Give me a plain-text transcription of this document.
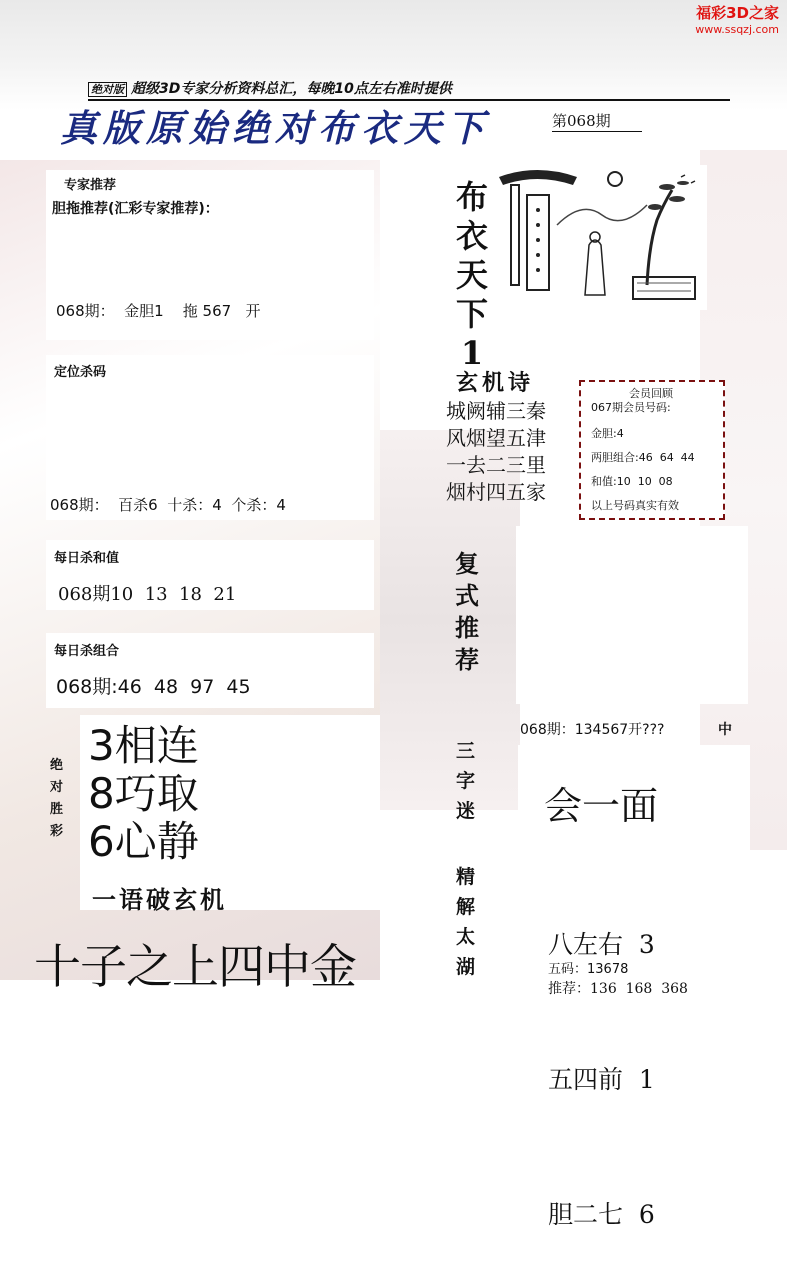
福彩3D之家
www.ssqzj.com
绝对版 超级3D专家分析资料总汇，每晚10点左右准时提供
真版原始绝对布衣天下	第068期
专家推荐
胆拖推荐(汇彩专家推荐)：
068期：  金胆1    拖 567   开
定位杀码
068期：  百杀6  十杀：4  个杀：4
每日杀和值
068期10  13  18  21
每日杀组合
068期:46  48  97  45
绝
对
胜
彩
3相连
8巧取
6心静
一语破玄机
十子之上四中金
布
衣
天
下
1
玄机诗
城阙辅三秦
风烟望五津
一去二三里
烟村四五家
会员回顾
067期会员号码:
金胆:4
两胆组合:46  64  44
和值:10  10  08
以上号码真实有效
复
式
推
荐
068期：134567开???	中
三
字
迷
精
解
太
湖
会一面

八左右  3

五四前  1

胆二七  6

五码：13678
推荐：136  168  368
